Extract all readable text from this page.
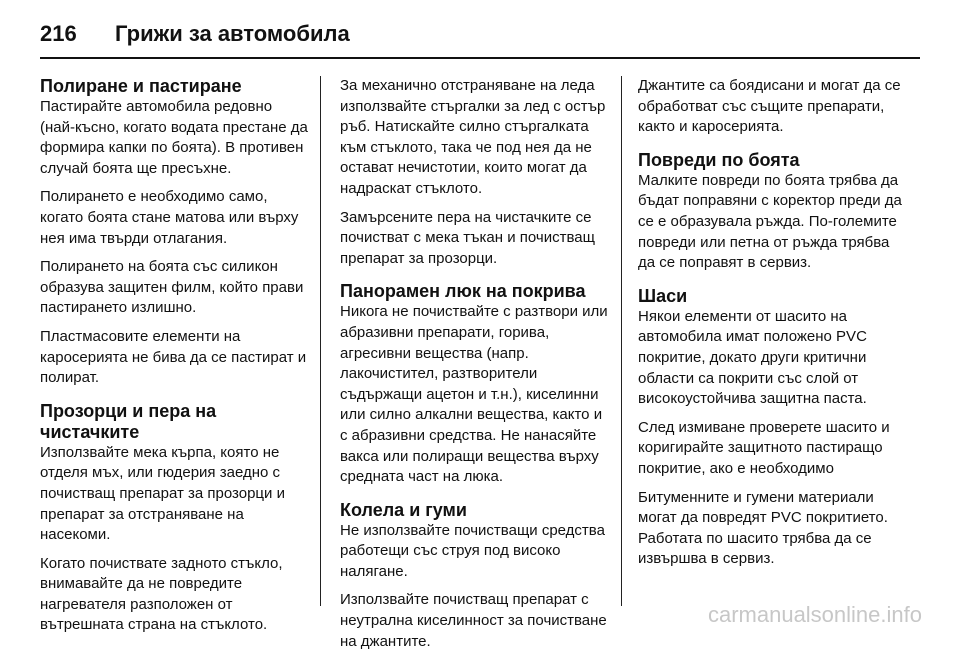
216	Грижи за автомобила
Полиране и пастиране

Пастирайте автомобила редовно (най-късно, когато водата престане да формира капки по боята). В противен случай боята ще пресъхне.

Полирането е необходимо само, когато боята стане матова или върху нея има твърди отлагания.

Полирането на боята със силикон образува защитен филм, който прави пастирането излишно.

Пластмасовите елементи на каросерията не бива да се пастират и полират.

Прозорци и пера на чистачките

Използвайте мека кърпа, която не отделя мъх, или гюдерия заедно с почистващ препарат за прозорци и препарат за отстраняване на насекоми.

Когато почиствате задното стъкло, внимавайте да не повредите нагревателя разположен от вътрешната страна на стъклото.

За механично отстраняване на леда използвайте стъргалки за лед с остър ръб. Натискайте силно стъргалката към стъклото, така че под нея да не остават нечистотии, които могат да надраскат стъклото.

Замърсените пера на чистачките се почистват с мека тъкан и почистващ препарат за прозорци.

Панорамен люк на покрива

Никога не почиствайте с разтвори или абразивни препарати, горива, агресивни вещества (напр. лакочистител, разтворители съдържащи ацетон и т.н.), киселинни или силно алкални вещества, както и с абразивни средства. Не нанасяйте вакса или полиращи вещества върху средната част на люка.

Колела и гуми

Не използвайте почистващи средства работещи със струя под високо налягане.

Използвайте почистващ препарат с неутрална киселинност за почистване на джантите.

Джантите са боядисани и могат да се обработват със същите препарати, както и каросерията.

Повреди по боята

Малките повреди по боята трябва да бъдат поправяни с коректор преди да се е образувала ръжда. По-големите повреди или петна от ръжда трябва да се поправят в сервиз.

Шаси

Някои елементи от шасито на автомобила имат положено PVC покритие, докато други критични области са покрити със слой от високоустойчива защитна паста.

След измиване проверете шасито и коригирайте защитното пастиращо покритие, ако е необходимо

Битуменните и гумени материали могат да повредят PVC покритието. Работата по шасито трябва да се извършва в сервиз.

carmanualsonline.info
